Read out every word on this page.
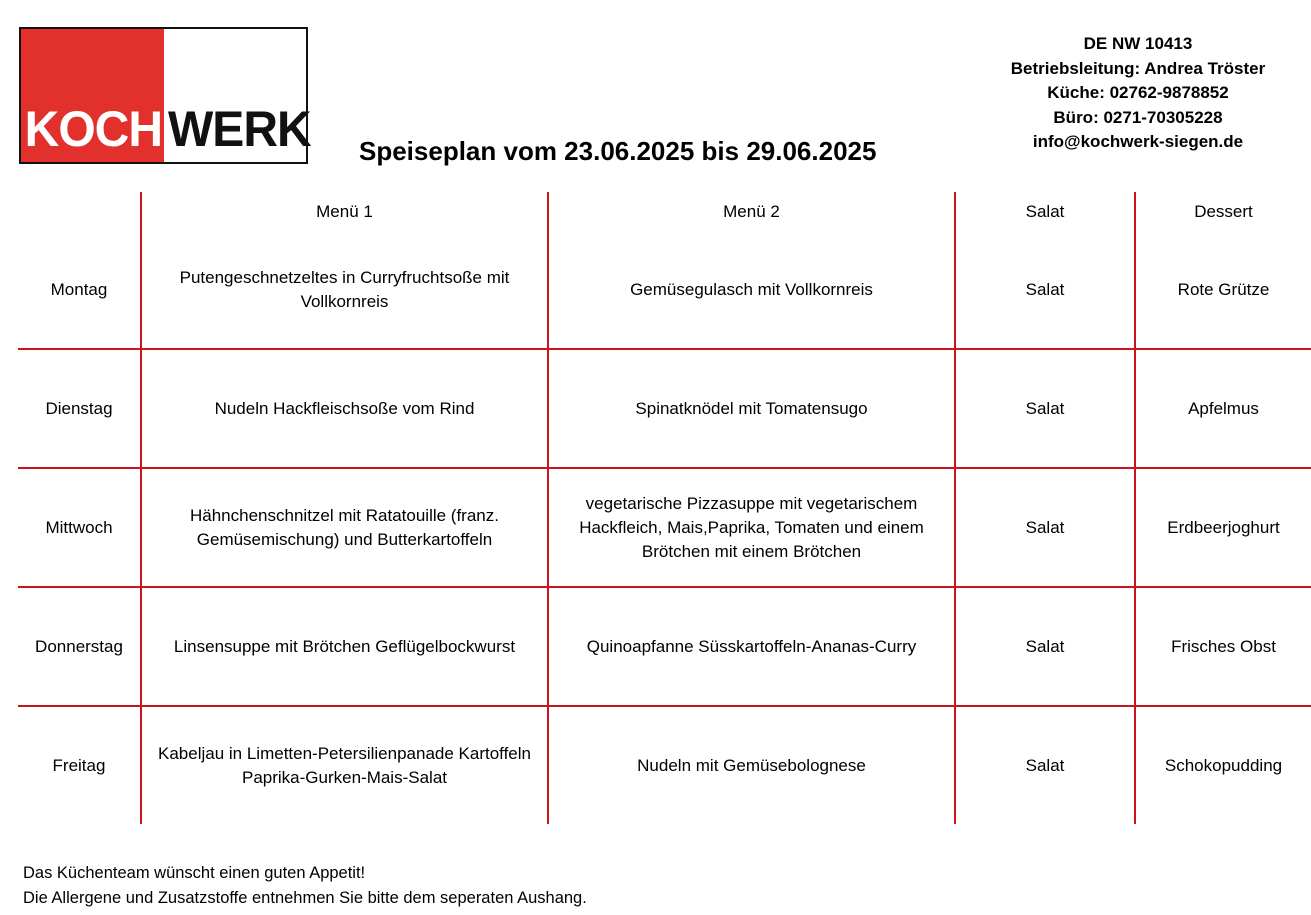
KOCH WERK Speiseplan vom 23.06.2025 bis 29.06.2025
DE NW 10413
Betriebsleitung: Andrea Tröster
Küche: 02762-9878852
Büro: 0271-70305228
info@kochwerk-siegen.de
	Menü 1	Menü 2	Salat	Dessert
Montag	Putengeschnetzeltes in Curryfruchtsoße mit Vollkornreis	Gemüsegulasch mit Vollkornreis	Salat	Rote Grütze
Dienstag	Nudeln Hackfleischsoße vom Rind	Spinatknödel mit Tomatensugo	Salat	Apfelmus
Mittwoch	Hähnchenschnitzel mit Ratatouille (franz. Gemüsemischung) und Butterkartoffeln	vegetarische Pizzasuppe mit vegetarischem Hackfleich, Mais,Paprika, Tomaten und einem Brötchen mit einem Brötchen	Salat	Erdbeerjoghurt
Donnerstag	Linsensuppe mit Brötchen Geflügelbockwurst	Quinoapfanne Süsskartoffeln-Ananas-Curry	Salat	Frisches Obst
Freitag	Kabeljau in Limetten-Petersilienpanade Kartoffeln Paprika-Gurken-Mais-Salat	Nudeln mit Gemüsebolognese	Salat	Schokopudding
Das Küchenteam wünscht einen guten Appetit!
Die Allergene und Zusatzstoffe entnehmen Sie bitte dem seperaten Aushang.
